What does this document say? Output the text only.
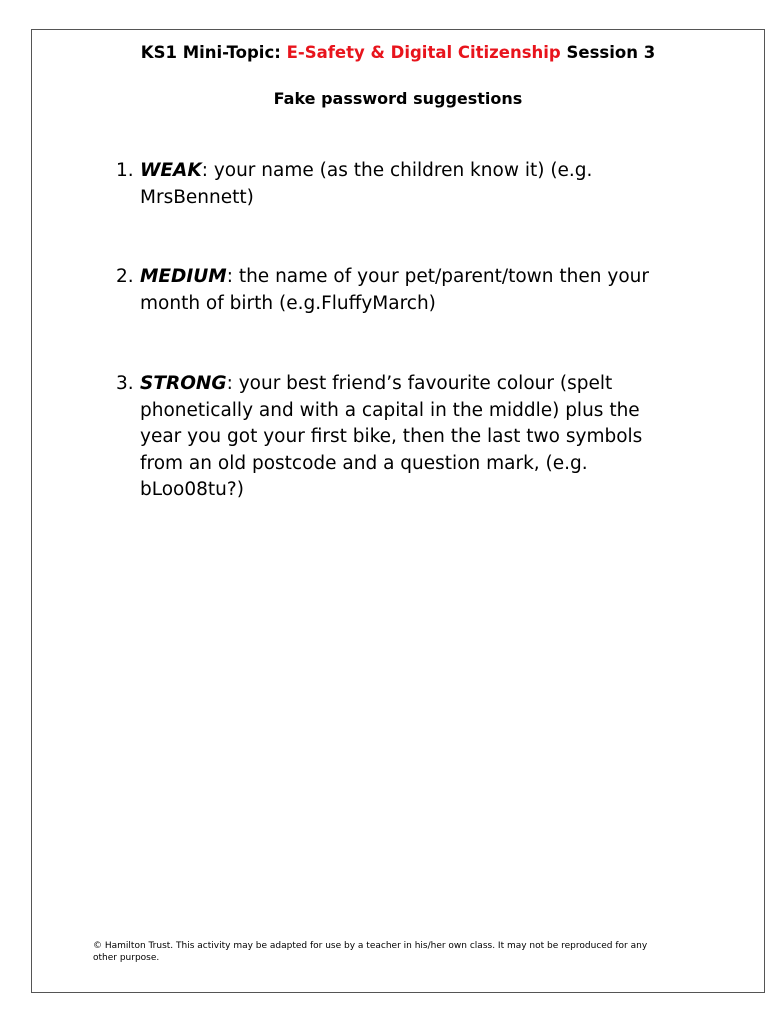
KS1 Mini-Topic: E-Safety & Digital Citizenship Session 3
Fake password suggestions
1. WEAK: your name (as the children know it) (e.g. MrsBennett)
2. MEDIUM: the name of your pet/parent/town then your month of birth (e.g.FluffyMarch)
3. STRONG: your best friend’s favourite colour (spelt phonetically and with a capital in the middle) plus the year you got your first bike, then the last two symbols from an old postcode and a question mark, (e.g. bLoo08tu?)
© Hamilton Trust. This activity may be adapted for use by a teacher in his/her own class. It may not be reproduced for any other purpose.
